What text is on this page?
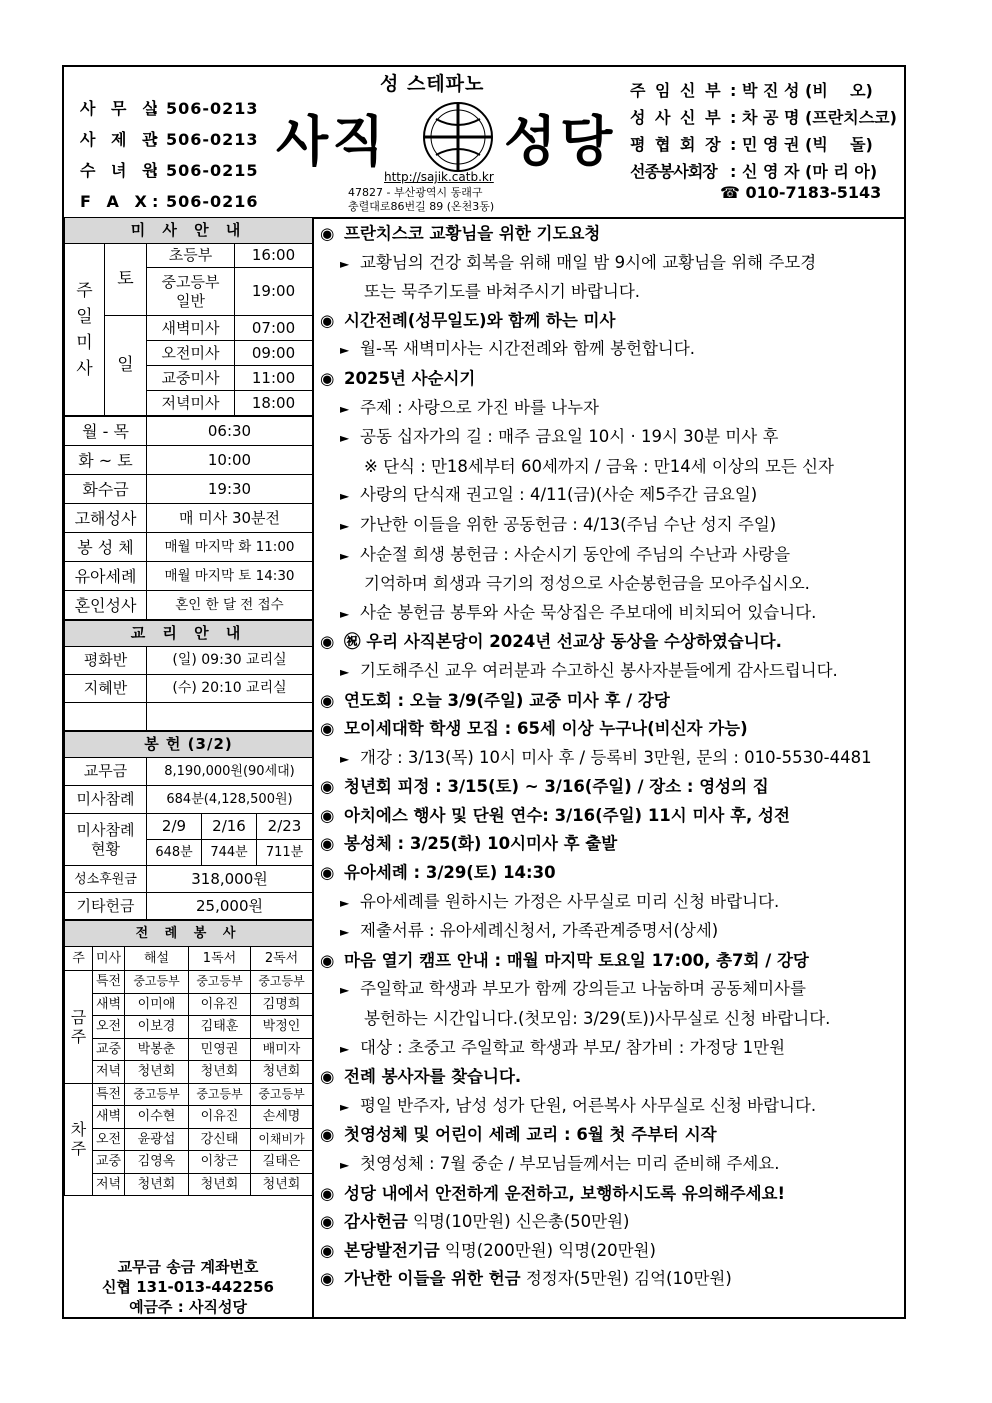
사 무 실: 506-0213
사 제 관: 506-0213
수 녀 원: 506-0215
F A X: 506-0216
성 스테파노
사직 성당
http://sajik.catb.kr
47827 - 부산광역시 동래구
충렬대로86번길 89 (온천3동)
주 임 신 부 : 박 진 성 (비    오)
성 사 신 부 : 차 공 명 (프란치스코)
평 협 회 장 : 민 영 권 (빅    돌)
선종봉사회장 : 신 영 자 (마 리 아)
☎ 010-7183-5143
미 사 안 내			
주
일
미
사	토	초등부	16:00
		중고등부
일반	19:00
	일	새벽미사	07:00
		오전미사	09:00
		교중미사	11:00
		저녁미사	18:00
월 - 목	06:30
화 ~ 토	10:00
화수금	19:30
고해성사	매 미사 30분전
봉 성 체	매월 마지막 화 11:00
유아세례	매월 마지막 토 14:30
혼인성사	혼인 한 달 전 접수
교 리 안 내	
평화반	(일) 09:30 교리실
지혜반	(수) 20:10 교리실

봉 헌 (3/2)			
교무금	8,190,000원(90세대)		
미사참례	684분(4,128,500원)		
미사참례
현황	2/9	2/16	2/23
	648분	744분	711분
성소후원금	318,000원		
기타헌금	25,000원		
전 례 봉 사				
주	미사	해설	1독서	2독서
금
주	특전	중고등부	중고등부	중고등부
	새벽	이미애	이유진	김명희
	오전	이보경	김태훈	박정인
	교중	박봉춘	민영권	배미자
	저녁	청년회	청년회	청년회
차
주	특전	중고등부	중고등부	중고등부
	새벽	이수현	이유진	손세명
	오전	윤광섭	강신태	이채비가
	교중	김영옥	이창근	길태은
	저녁	청년회	청년회	청년회
교무금 송금 계좌번호
신협 131-013-442256
예금주 : 사직성당
◉ 프란치스코 교황님을 위한 기도요청
► 교황님의 건강 회복을 위해 매일 밤 9시에 교황님을 위해 주모경
또는 묵주기도를 바쳐주시기 바랍니다.
◉ 시간전례(성무일도)와 함께 하는 미사
► 월-목 새벽미사는 시간전례와 함께 봉헌합니다.
◉ 2025년 사순시기
► 주제 : 사랑으로 가진 바를 나누자
► 공동 십자가의 길 : 매주 금요일 10시 · 19시 30분 미사 후
※ 단식 : 만18세부터 60세까지 / 금육 : 만14세 이상의 모든 신자
► 사랑의 단식재 권고일 : 4/11(금)(사순 제5주간 금요일)
► 가난한 이들을 위한 공동헌금 : 4/13(주님 수난 성지 주일)
► 사순절 희생 봉헌금 : 사순시기 동안에 주님의 수난과 사랑을
기억하며 희생과 극기의 정성으로 사순봉헌금을 모아주십시오.
► 사순 봉헌금 봉투와 사순 묵상집은 주보대에 비치되어 있습니다.
◉ ㊗ 우리 사직본당이 2024년 선교상 동상을 수상하였습니다.
► 기도해주신 교우 여러분과 수고하신 봉사자분들에게 감사드립니다.
◉ 연도회 : 오늘 3/9(주일) 교중 미사 후 / 강당
◉ 모이세대학 학생 모집 : 65세 이상 누구나(비신자 가능)
► 개강 : 3/13(목) 10시 미사 후 / 등록비 3만원, 문의 : 010-5530-4481
◉ 청년회 피정 : 3/15(토) ~ 3/16(주일) / 장소 : 영성의 집
◉ 아치에스 행사 및 단원 연수: 3/16(주일) 11시 미사 후, 성전
◉ 봉성체 : 3/25(화) 10시미사 후 출발
◉ 유아세례 : 3/29(토) 14:30
► 유아세례를 원하시는 가정은 사무실로 미리 신청 바랍니다.
► 제출서류 : 유아세례신청서, 가족관계증명서(상세)
◉ 마음 열기 캠프 안내 : 매월 마지막 토요일 17:00, 총7회 / 강당
► 주일학교 학생과 부모가 함께 강의듣고 나눔하며 공동체미사를
봉헌하는 시간입니다.(첫모임: 3/29(토))사무실로 신청 바랍니다.
► 대상 : 초중고 주일학교 학생과 부모/ 참가비 : 가정당 1만원
◉ 전례 봉사자를 찾습니다.
► 평일 반주자, 남성 성가 단원, 어른복사 사무실로 신청 바랍니다.
◉ 첫영성체 및 어린이 세례 교리 : 6월 첫 주부터 시작
► 첫영성체 : 7월 중순 / 부모님들께서는 미리 준비해 주세요.
◉ 성당 내에서 안전하게 운전하고, 보행하시도록 유의해주세요!
◉ 감사헌금 익명(10만원) 신은총(50만원)
◉ 본당발전기금 익명(200만원) 익명(20만원)
◉ 가난한 이들을 위한 헌금 정정자(5만원) 김억(10만원)
